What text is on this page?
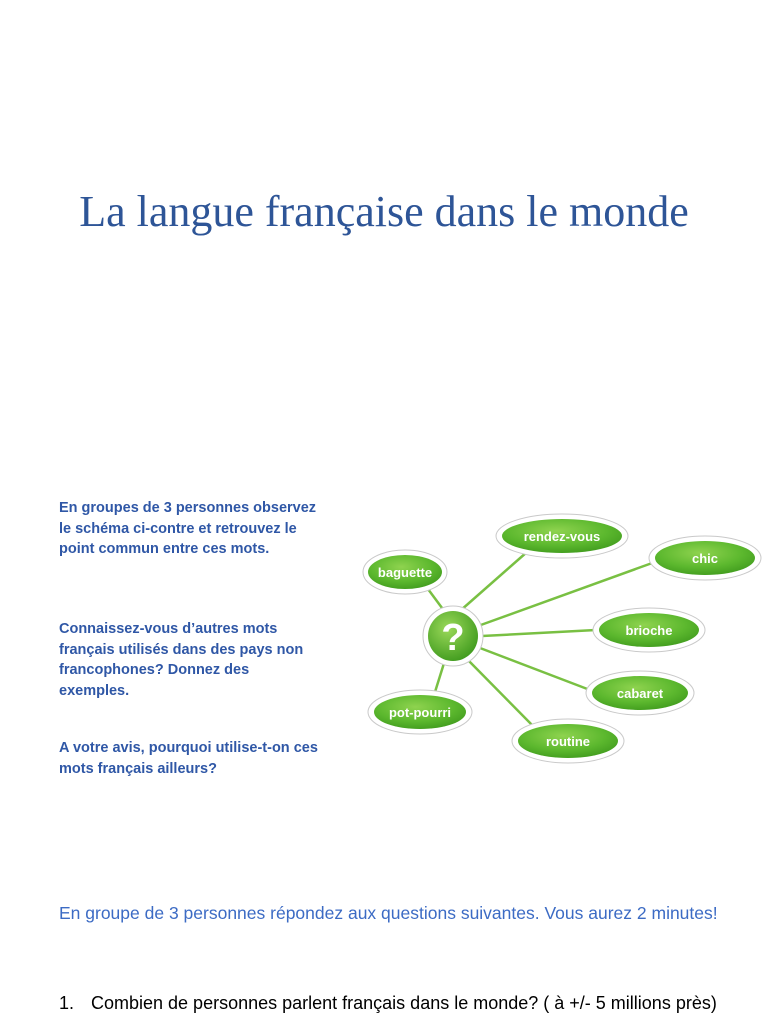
La langue française dans le monde

En groupes de 3 personnes observez le schéma ci-contre et retrouvez le point commun entre ces mots.

Connaissez-vous d’autres mots français utilisés dans des pays non francophones? Donnez des exemples.

A votre avis, pourquoi utilise-t-on ces mots français ailleurs?

rendez-vous
chic
baguette
brioche
cabaret
pot-pourri
routine
?

En groupe de 3 personnes répondez aux questions suivantes. Vous aurez 2 minutes!

1. Combien de personnes parlent français dans le monde? ( à +/- 5 millions près)
